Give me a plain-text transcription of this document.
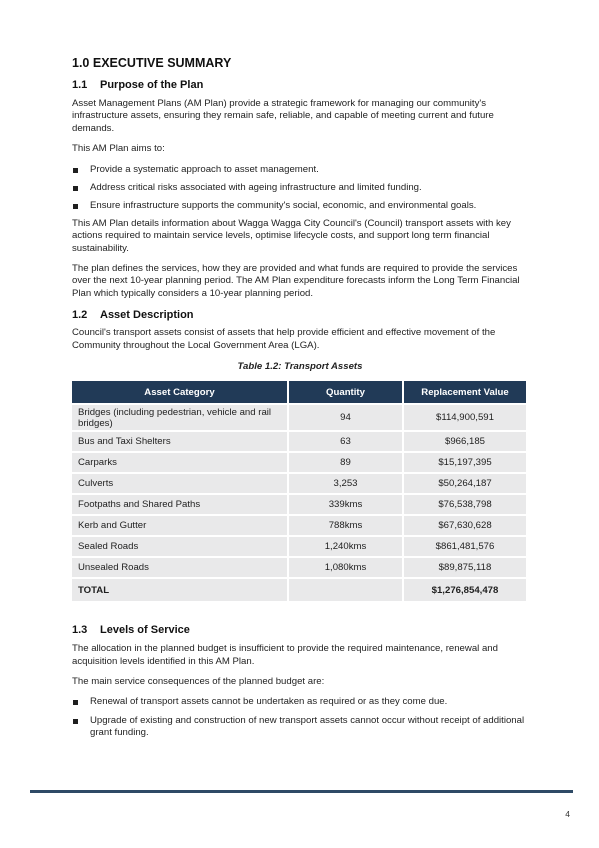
1.0 EXECUTIVE SUMMARY
1.1 Purpose of the Plan

Asset Management Plans (AM Plan) provide a strategic framework for managing our community's infrastructure assets, ensuring they remain safe, reliable, and capable of meeting current and future demands.

This AM Plan aims to:

Provide a systematic approach to asset management.
Address critical risks associated with ageing infrastructure and limited funding.
Ensure infrastructure supports the community's social, economic, and environmental goals.

This AM Plan details information about Wagga Wagga City Council's (Council) transport assets with key actions required to maintain service levels, optimise lifecycle costs, and support long term financial sustainability.

The plan defines the services, how they are provided and what funds are required to provide the services over the next 10-year planning period. The AM Plan expenditure forecasts inform the Long Term Financial Plan which typically considers a 10-year planning period.

1.2 Asset Description

Council's transport assets consist of assets that help provide efficient and effective movement of the Community throughout the Local Government Area (LGA).

Table 1.2: Transport Assets
Asset Category	Quantity	Replacement Value
Bridges (including pedestrian, vehicle and rail bridges)	94	$114,900,591
Bus and Taxi Shelters	63	$966,185
Carparks	89	$15,197,395
Culverts	3,253	$50,264,187
Footpaths and Shared Paths	339kms	$76,538,798
Kerb and Gutter	788kms	$67,630,628
Sealed Roads	1,240kms	$861,481,576
Unsealed Roads	1,080kms	$89,875,118
TOTAL		$1,276,854,478
1.3 Levels of Service

The allocation in the planned budget is insufficient to provide the required maintenance, renewal and acquisition levels identified in this AM Plan.

The main service consequences of the planned budget are:

Renewal of transport assets cannot be undertaken as required or as they come due.
Upgrade of existing and construction of new transport assets cannot occur without receipt of additional grant funding.
4
